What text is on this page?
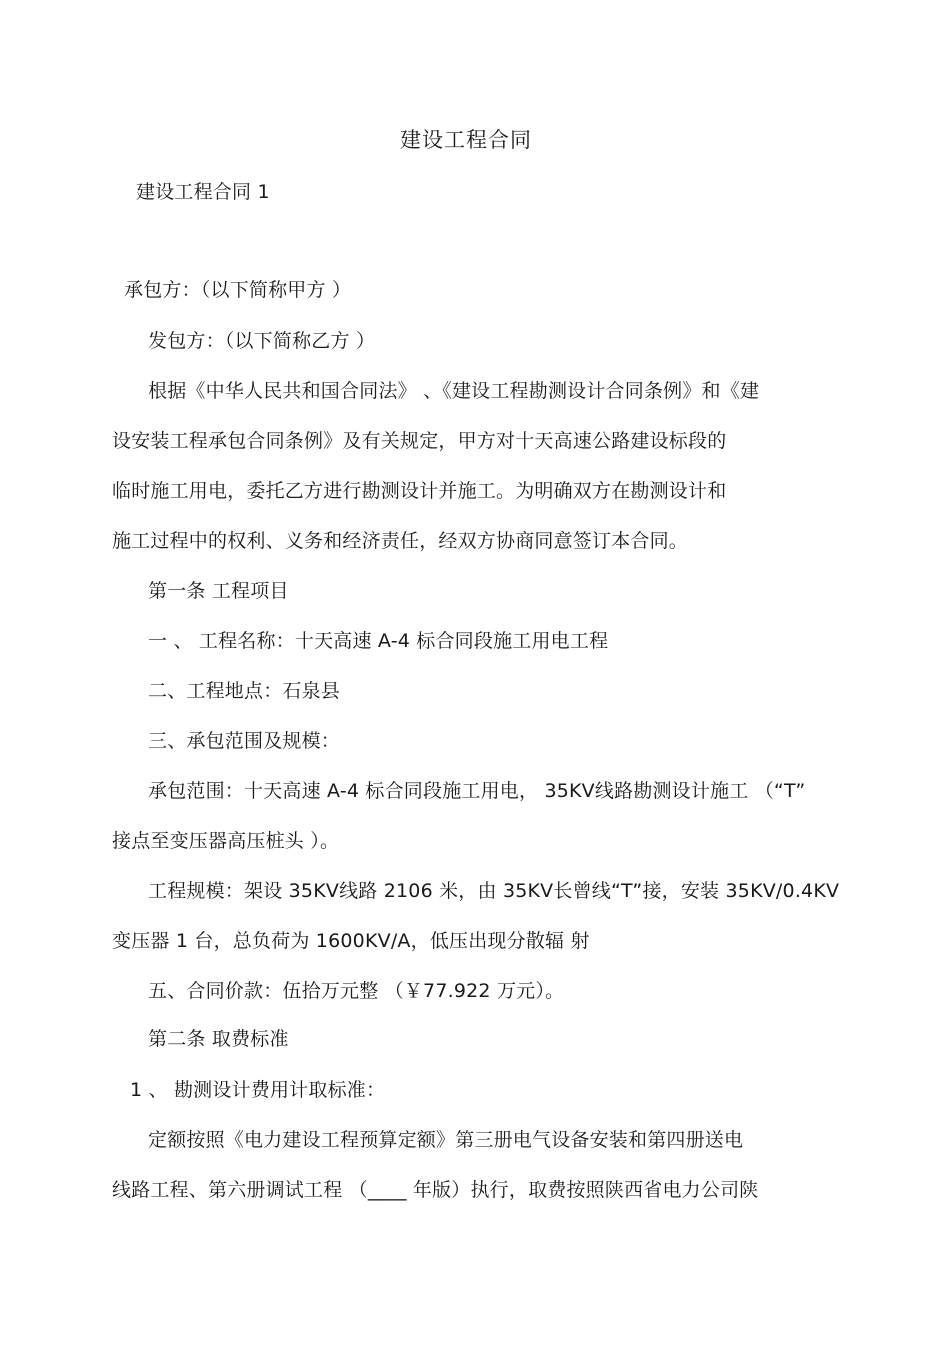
建设工程合同
建设工程合同 1
承包方：（以下简称甲方 ）
发包方：（以下简称乙方 ）
根据《中华人民共和国合同法》 、《建设工程勘测设计合同条例》和《建
设安装工程承包合同条例》及有关规定，甲方对十天高速公路建设标段的
临时施工用电，委托乙方进行勘测设计并施工。为明确双方在勘测设计和
施工过程中的权利、义务和经济责任，经双方协商同意签订本合同。
第一条 工程项目
一 、 工程名称：十天高速 A-4 标合同段施工用电工程
二、工程地点：石泉县
三、承包范围及规模：
承包范围：十天高速 A-4 标合同段施工用电， 35KV线路勘测设计施工 （“T”
接点至变压器高压桩头 ）。
工程规模：架设 35KV线路 2106 米，由 35KV长曾线“T”接，安装 35KV/0.4KV
变压器 1 台，总负荷为 1600KV/A，低压出现分散辐 射
五、合同价款：伍拾万元整 （￥77.922 万元）。
第二条 取费标准
1 、 勘测设计费用计取标准：
定额按照《电力建设工程预算定额》第三册电气设备安装和第四册送电
线路工程、第六册调试工程 （____ 年版）执行，取费按照陕西省电力公司陕
